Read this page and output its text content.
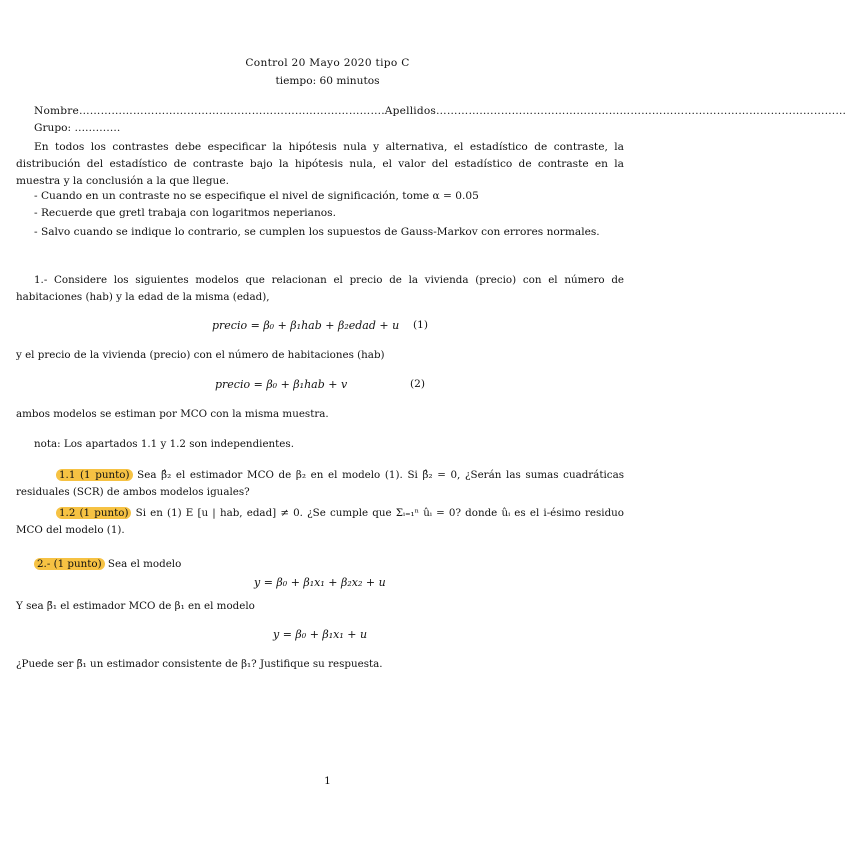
Control 20 Mayo 2020 tipo C
tiempo: 60 minutos
Nombre………………………………………………………………………….Apellidos……………………………………………………………………………………………………
Grupo: ………….
En todos los contrastes debe especificar la hipótesis nula y alternativa, el estadístico de contraste, la distribución del estadístico de contraste bajo la hipótesis nula, el valor del estadístico de contraste en la muestra y la conclusión a la que llegue.
- Cuando en un contraste no se especifique el nivel de significación, tome α = 0.05
- Recuerde que gretl trabaja con logaritmos neperianos.
- Salvo cuando se indique lo contrario, se cumplen los supuestos de Gauss-Markov con errores normales.
1.- Considere los siguientes modelos que relacionan el precio de la vivienda (precio) con el número de habitaciones (hab) y la edad de la misma (edad),
precio = β₀ + β₁hab + β₂edad + u (1)
y el precio de la vivienda (precio) con el número de habitaciones (hab)
precio = β₀ + β₁hab + v	(2)
ambos modelos se estiman por MCO con la misma muestra.
nota: Los apartados 1.1 y 1.2 son independientes.
1.1 (1 punto) Sea β̂₂ el estimador MCO de β₂ en el modelo (1). Si β̂₂ = 0, ¿Serán las sumas cuadráticas residuales (SCR) de ambos modelos iguales?
1.2 (1 punto) Si en (1) E [u | hab, edad] ≠ 0. ¿Se cumple que Σᵢ₌₁ⁿ ûᵢ = 0? donde ûᵢ es el i-ésimo residuo MCO del modelo (1).
2.- (1 punto) Sea el modelo
y = β₀ + β₁x₁ + β₂x₂ + u
Y sea β̃₁ el estimador MCO de β₁ en el modelo
y = β₀ + β₁x₁ + u
¿Puede ser β̃₁ un estimador consistente de β₁? Justifique su respuesta.
1
